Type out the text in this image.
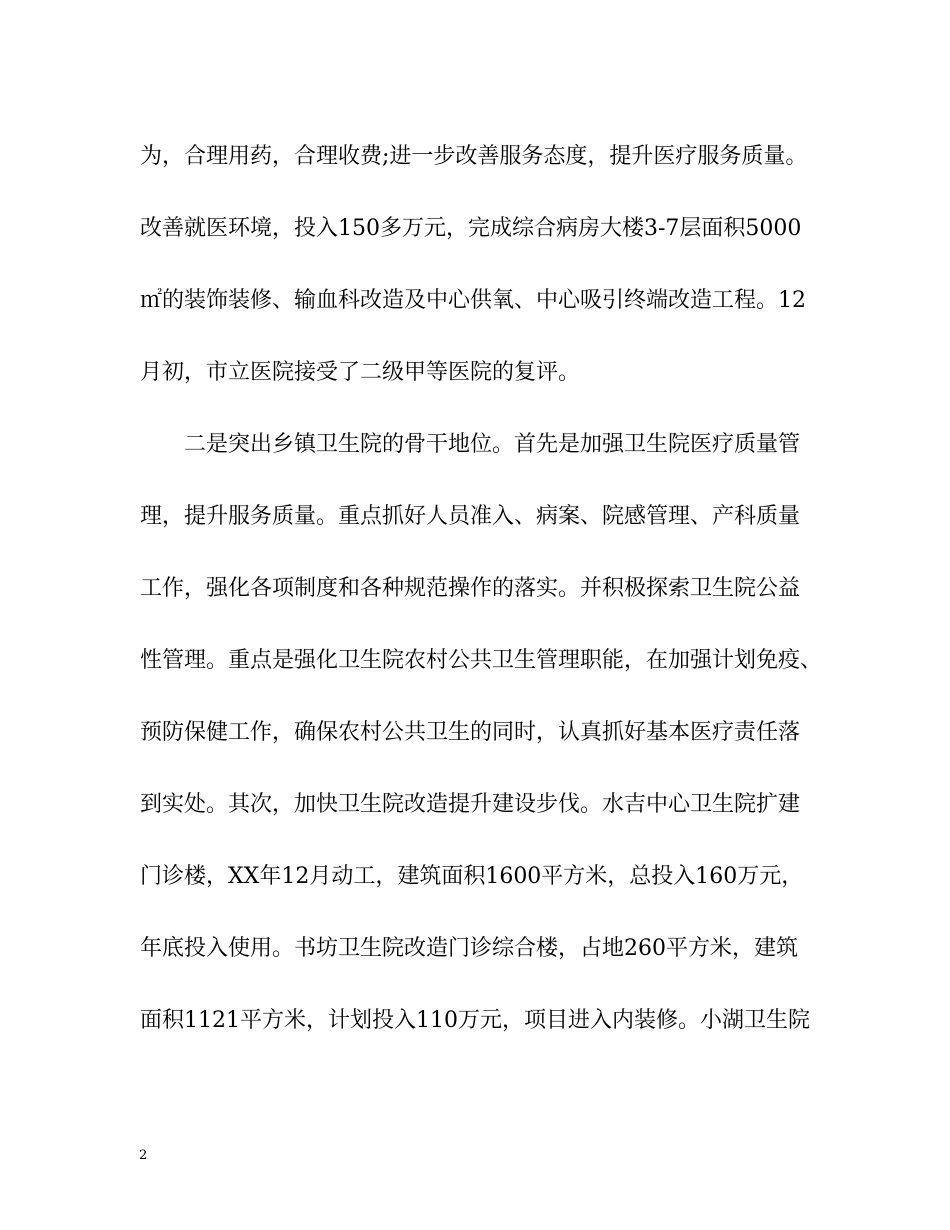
为，合理用药，合理收费;进一步改善服务态度，提升医疗服务质量。
改善就医环境，投入150多万元，完成综合病房大楼3-7层面积5000
㎡的装饰装修、输血科改造及中心供氧、中心吸引终端改造工程。12
月初，市立医院接受了二级甲等医院的复评。
二是突出乡镇卫生院的骨干地位。首先是加强卫生院医疗质量管
理，提升服务质量。重点抓好人员准入、病案、院感管理、产科质量
工作，强化各项制度和各种规范操作的落实。并积极探索卫生院公益
性管理。重点是强化卫生院农村公共卫生管理职能，在加强计划免疫、
预防保健工作，确保农村公共卫生的同时，认真抓好基本医疗责任落
到实处。其次，加快卫生院改造提升建设步伐。水吉中心卫生院扩建
门诊楼，XX年12月动工，建筑面积1600平方米，总投入160万元，
年底投入使用。书坊卫生院改造门诊综合楼，占地260平方米，建筑
面积1121平方米，计划投入110万元，项目进入内装修。小湖卫生院
2
